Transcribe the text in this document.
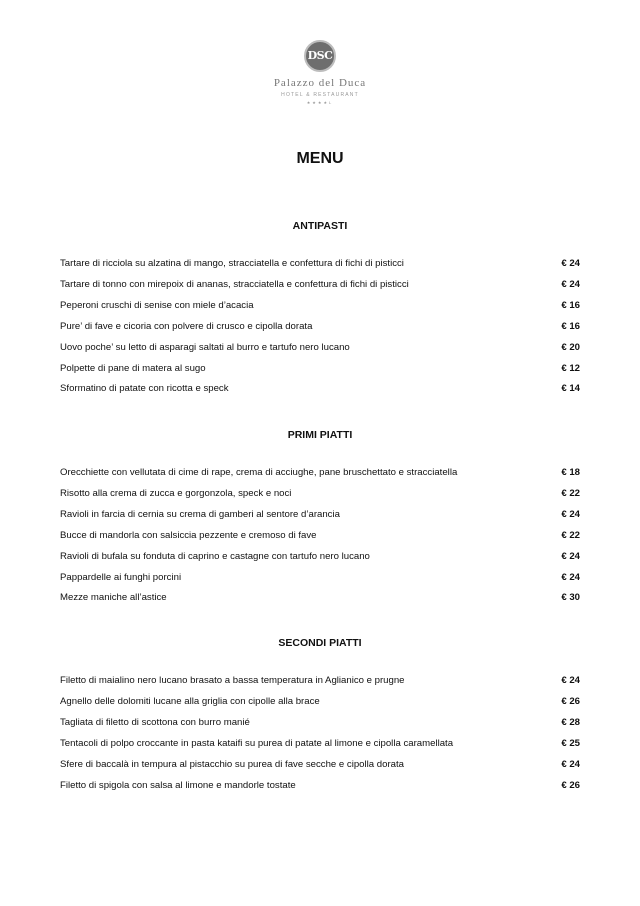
DSC
Palazzo del Duca
HOTEL & RESTAURANT
★★★★L
MENU
ANTIPASTI
Tartare di ricciola su alzatina di mango, stracciatella e confettura di fichi di pisticci	€ 24
Tartare di tonno con mirepoix di ananas, stracciatella e confettura di fichi di pisticci	€ 24
Peperoni cruschi di senise con miele d’acacia	€ 16
Pure’ di fave e cicoria con polvere di crusco e cipolla dorata	€ 16
Uovo poche’ su letto di asparagi saltati al burro e tartufo nero lucano	€ 20
Polpette di pane di matera al sugo	€ 12
Sformatino di patate con ricotta e speck	€ 14
PRIMI PIATTI
Orecchiette con vellutata di cime di rape, crema di acciughe, pane bruschettato e stracciatella	€ 18
Risotto alla crema di zucca e gorgonzola, speck e noci	€ 22
Ravioli in farcia di cernia su crema di gamberi al sentore d’arancia	€ 24
Bucce di mandorla con salsiccia pezzente e cremoso di fave	€ 22
Ravioli di bufala su fonduta di caprino e castagne con tartufo nero lucano	€ 24
Pappardelle ai funghi porcini	€ 24
Mezze maniche all’astice	€ 30
SECONDI PIATTI
Filetto di maialino nero lucano brasato a bassa temperatura in Aglianico e prugne	€ 24
Agnello delle dolomiti lucane alla griglia con cipolle alla brace	€ 26
Tagliata di filetto di scottona con burro manié	€ 28
Tentacoli di polpo croccante in pasta kataifi su purea di patate al limone e cipolla caramellata	€ 25
Sfere di baccalà in tempura al pistacchio su purea di fave secche e cipolla dorata	€ 24
Filetto di spigola con salsa al limone e mandorle tostate	€ 26
